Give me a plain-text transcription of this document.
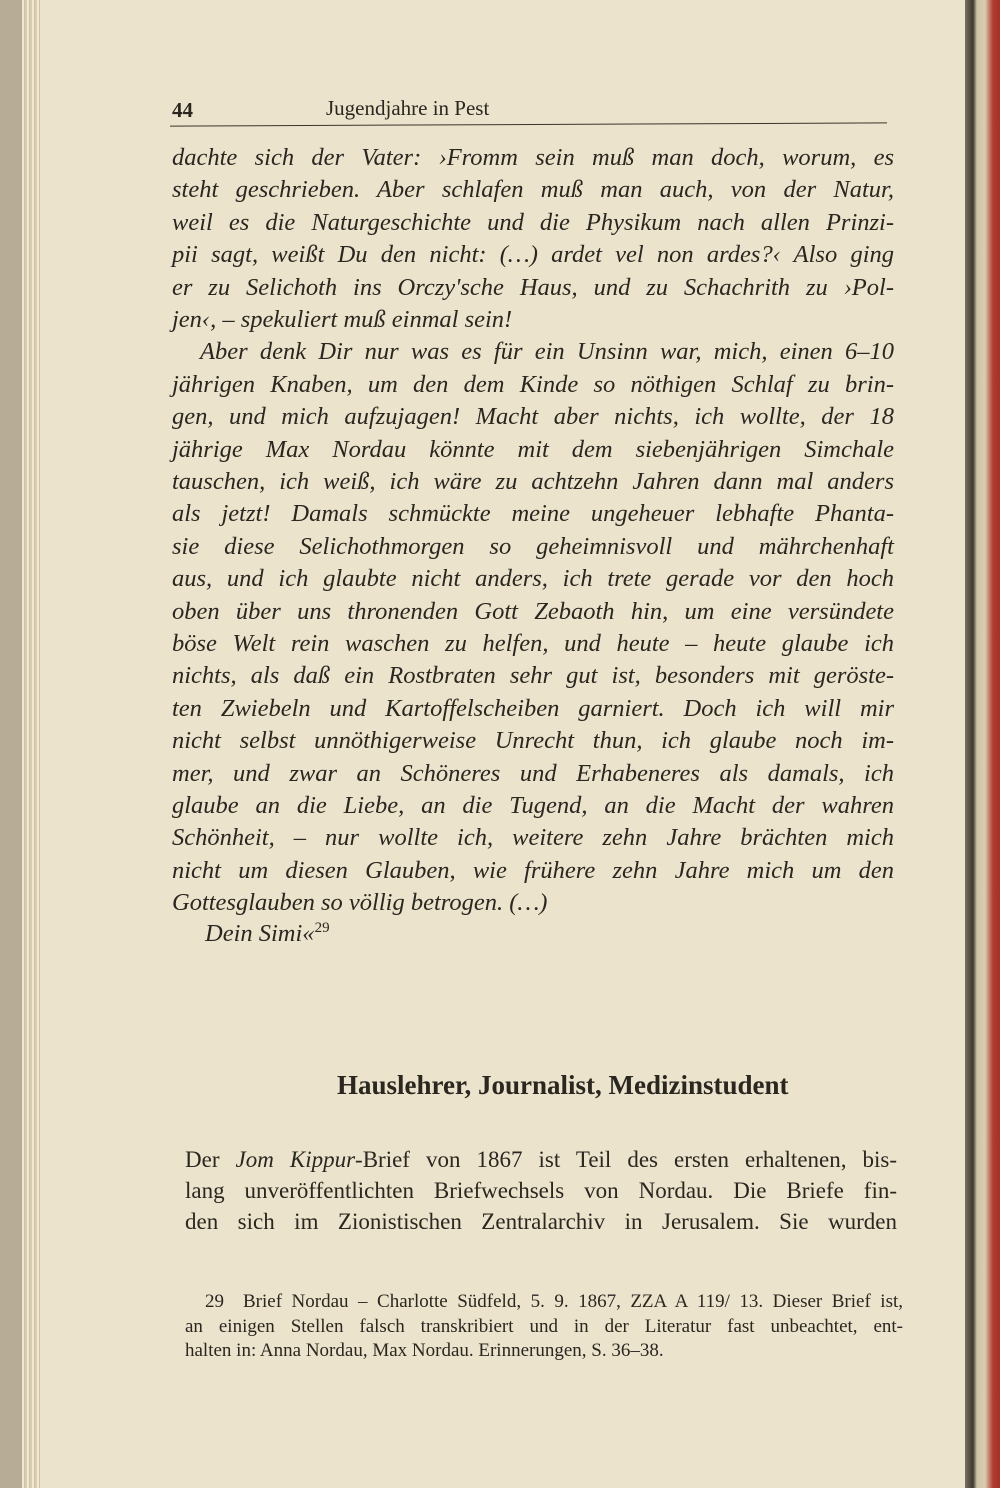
44	Jugendjahre in Pest
dachte sich der Vater: ›Fromm sein muß man doch, worum, es
steht geschrieben. Aber schlafen muß man auch, von der Natur,
weil es die Naturgeschichte und die Physikum nach allen Prinzi-
pii sagt, weißt Du den nicht: (…) ardet vel non ardes?‹ Also ging
er zu Selichoth ins Orczy'sche Haus, und zu Schachrith zu ›Pol-
jen‹, – spekuliert muß einmal sein!
Aber denk Dir nur was es für ein Unsinn war, mich, einen 6–10
jährigen Knaben, um den dem Kinde so nöthigen Schlaf zu brin-
gen, und mich aufzujagen! Macht aber nichts, ich wollte, der 18
jährige Max Nordau könnte mit dem siebenjährigen Simchale
tauschen, ich weiß, ich wäre zu achtzehn Jahren dann mal anders
als jetzt! Damals schmückte meine ungeheuer lebhafte Phanta-
sie diese Selichothmorgen so geheimnisvoll und mährchenhaft
aus, und ich glaubte nicht anders, ich trete gerade vor den hoch
oben über uns thronenden Gott Zebaoth hin, um eine versündete
böse Welt rein waschen zu helfen, und heute – heute glaube ich
nichts, als daß ein Rostbraten sehr gut ist, besonders mit geröste-
ten Zwiebeln und Kartoffelscheiben garniert. Doch ich will mir
nicht selbst unnöthigerweise Unrecht thun, ich glaube noch im-
mer, und zwar an Schöneres und Erhabeneres als damals, ich
glaube an die Liebe, an die Tugend, an die Macht der wahren
Schönheit, – nur wollte ich, weitere zehn Jahre brächten mich
nicht um diesen Glauben, wie frühere zehn Jahre mich um den
Gottesglauben so völlig betrogen. (…)
Dein Simi«$^{29}$
Hauslehrer, Journalist, Medizinstudent
Der Jom Kippur-Brief von 1867 ist Teil des ersten erhaltenen, bis-
lang unveröffentlichten Briefwechsels von Nordau. Die Briefe fin-
den sich im Zionistischen Zentralarchiv in Jerusalem. Sie wurden
29 Brief Nordau – Charlotte Südfeld, 5. 9. 1867, ZZA A 119/ 13. Dieser Brief ist,
an einigen Stellen falsch transkribiert und in der Literatur fast unbeachtet, ent-
halten in: Anna Nordau, Max Nordau. Erinnerungen, S. 36–38.
